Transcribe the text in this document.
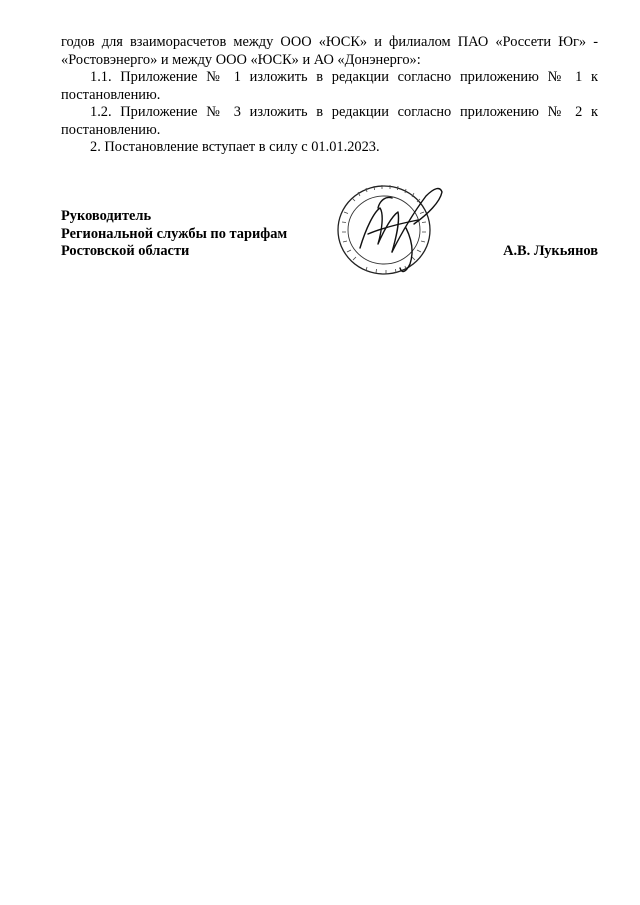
годов для взаиморасчетов между ООО «ЮСК» и филиалом ПАО «Россети Юг» - «Ростовэнерго» и между ООО «ЮСК» и АО «Донэнерго»:

1.1. Приложение № 1 изложить в редакции согласно приложению № 1 к постановлению.

1.2. Приложение № 3 изложить в редакции согласно приложению № 2 к постановлению.

2. Постановление вступает в силу с 01.01.2023.

Руководитель

Региональной службы по тарифам

Ростовской области	А.В. Лукьянов
